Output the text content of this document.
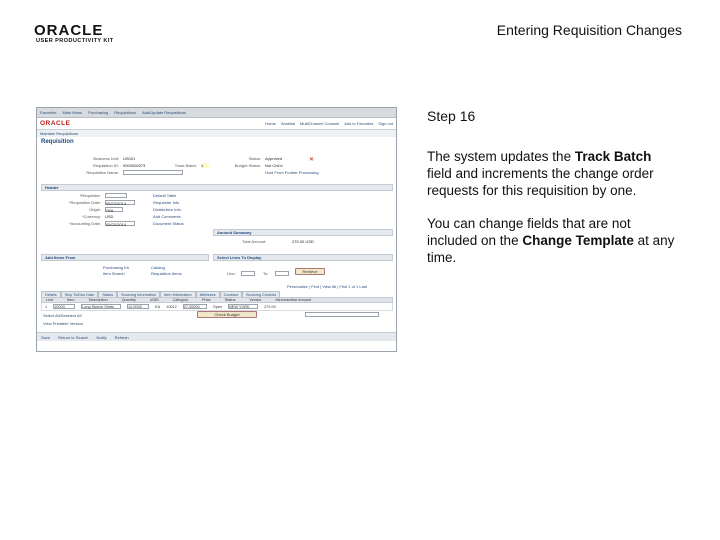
ORACLE
USER PRODUCTIVITY KIT
Entering Requisition Changes
Favorites Main Menu Purchasing Requisitions Add/Update Requisitions
ORACLE	Home Worklist MultiChannel Console Add to Favorites Sign out
Maintain Requisitions
Requisition
Business Unit: US001
Requisition ID: 0000000073
Requisition Name:
Status: Approved
Budget Status: Not Chk'd
Track Batch: 1
Hold From Further Processing
✕
Header
*Requester:
*Requisition Date: 05/22/2014
Origin: ONL
*Currency: USD
*Accounting Date: 05/22/2014
Default Table
Requester Info
Distribution Info
Add Comments
Document Status
Amount Summary
Total Amount:	270.00 USD
Add Items From	Select Lines To Display
Purchasing Kit
Item Search
Catalog
Requisition Items	Line:	To:	Retrieve
Personalize | Find | View All | First 1 of 1 Last
Details	Ship To/Due Date	Status	Sourcing Information	Item Information	Attributes	Contract	Sourcing Controls
Line	Item	Description	Quantity	UOM	Category	Price	Status	Vendor	Merchandise Amount
1 10003	Long Sleeve Shirts	10.0000	EA 10012 27.00000	Open NEW YORK	270.00
Select All/Deselect All	Check Budget
View Printable Version
Save Return to Search Notify Refresh
Step 16
The system updates the Track Batch field and increments the change order requests for this requisition by one.
You can change fields that are not included on the Change Template at any time.
